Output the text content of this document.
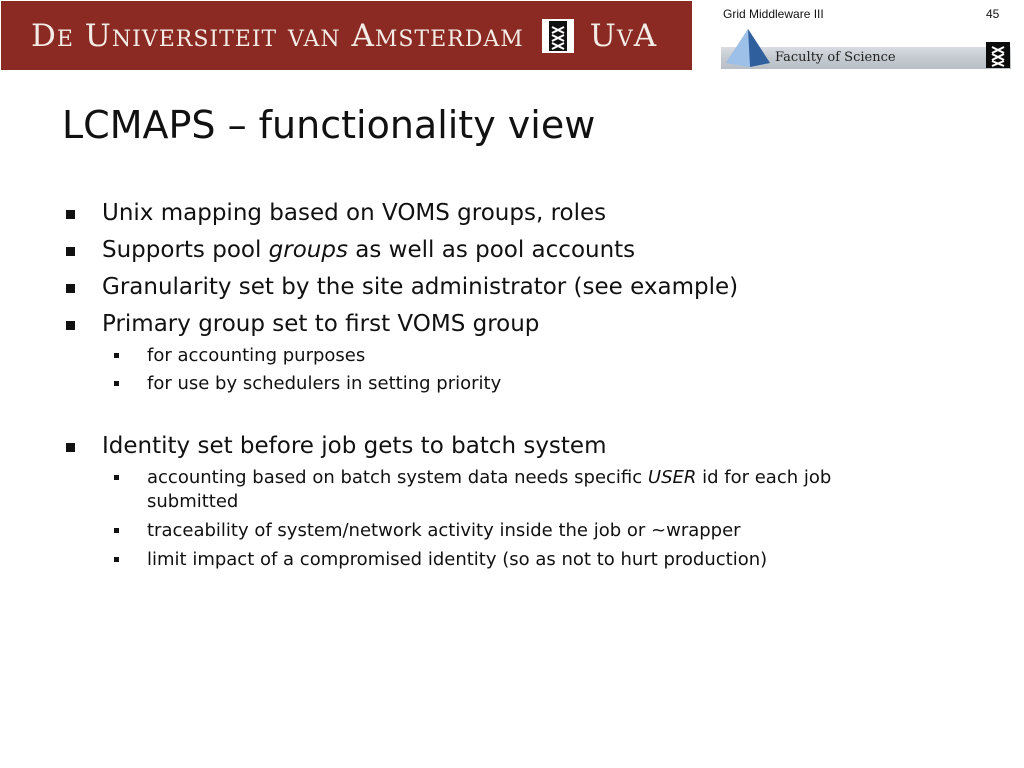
De Universiteit van Amsterdam UvA
Grid Middleware III	45
Faculty of Science
LCMAPS – functionality view
Unix mapping based on VOMS groups, roles
Supports pool groups as well as pool accounts
Granularity set by the site administrator (see example)
Primary group set to first VOMS group
for accounting purposes
for use by schedulers in setting priority
Identity set before job gets to batch system
accounting based on batch system data needs specific USER id for each job submitted
traceability of system/network activity inside the job or ~wrapper
limit impact of a compromised identity (so as not to hurt production)
